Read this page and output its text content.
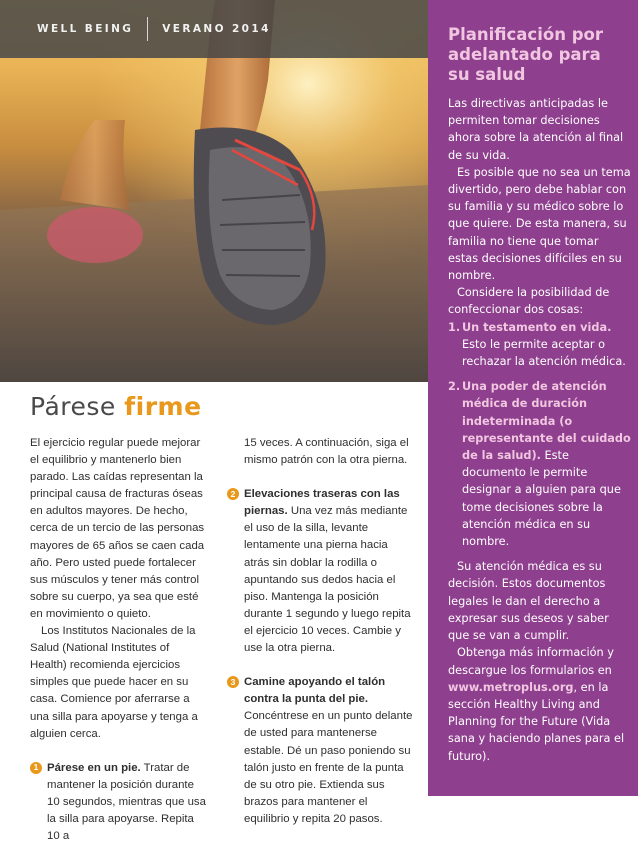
WELL BEING	VERANO 2014
Párese firme

El ejercicio regular puede mejorar el equilibrio y mantenerlo bien parado. Las caídas representan la principal causa de fracturas óseas en adultos mayores. De hecho, cerca de un tercio de las personas mayores de 65 años se caen cada año. Pero usted puede fortalecer sus músculos y tener más control sobre su cuerpo, ya sea que esté en movimiento o quieto.

Los Institutos Nacionales de la Salud (National Institutes of Health) recomienda ejercicios simples que puede hacer en su casa. Comience por aferrarse a una silla para apoyarse y tenga a alguien cerca.

1 Párese en un pie. Tratar de mantener la posición durante 10 segundos, mientras que usa la silla para apoyarse. Repita 10 a

15 veces. A continuación, siga el mismo patrón con la otra pierna.

2 Elevaciones traseras con las piernas. Una vez más mediante el uso de la silla, levante lentamente una pierna hacia atrás sin doblar la rodilla o apuntando sus dedos hacia el piso. Mantenga la posición durante 1 segundo y luego repita el ejercicio 10 veces. Cambie y use la otra pierna.

3 Camine apoyando el talón contra la punta del pie. Concéntrese en un punto delante de usted para mantenerse estable. Dé un paso poniendo su talón justo en frente de la punta de su otro pie. Extienda sus brazos para mantener el equilibrio y repita 20 pasos.

Planificación por adelantado para su salud

Las directivas anticipadas le permiten tomar decisiones ahora sobre la atención al final de su vida.

Es posible que no sea un tema divertido, pero debe hablar con su familia y su médico sobre lo que quiere. De esta manera, su familia no tiene que tomar estas decisiones difíciles en su nombre.

Considere la posibilidad de confeccionar dos cosas:

1. Un testamento en vida. Esto le permite aceptar o rechazar la atención médica.
2. Una poder de atención médica de duración indeterminada (o representante del cuidado de la salud). Este documento le permite designar a alguien para que tome decisiones sobre la atención médica en su nombre.

Su atención médica es su decisión. Estos documentos legales le dan el derecho a expresar sus deseos y saber que se van a cumplir.

Obtenga más información y descargue los formularios en www.metroplus.org, en la sección Healthy Living and Planning for the Future (Vida sana y haciendo planes para el futuro).
